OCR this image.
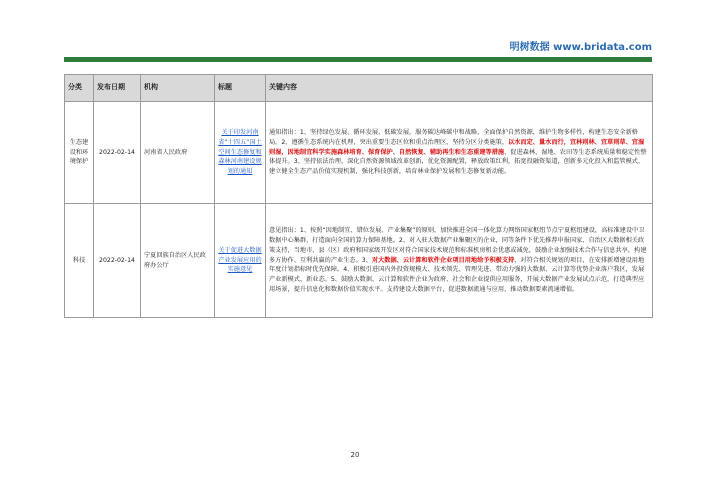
明树数据 www.bridata.com
分类	发布日期	机构	标题	关键内容
生态建设和环境保护	2022-02-14	河南省人民政府	关于印发河南省“十四五”国土空间生态修复和森林河南建设规划的通知	通知指出：1、坚持绿色发展、循环发展、低碳发展，服务碳达峰碳中和战略，全面保护自然资源，维护生物多样性，构建生态安全新格局。2、遵循生态系统内在机理，突出重要生态区位和重点治理区，坚持分区分类施策，以水而定、量水而行，宜林则林、宜草则草、宜湿则湿，因地制宜科学实施森林培育、保育保护、自然恢复、辅助再生和生态重建等措施，促进森林、湿地、农田等生态系统质量和稳定性整体提升。3、坚持依法治理，深化自然资源领域改革创新，优化资源配置，释放政策红利，拓宽投融资渠道，创新多元化投入和监管模式，建立健全生态产品价值实现机制，强化科技创新，培育林业保护发展和生态修复新动能。
科技	2022-02-14	宁夏回族自治区人民政府办公厅	关于促进大数据产业发展应用的实施意见	意见指出：1、按照“因地制宜、错位发展、产业集聚”的原则，加快推进全国一体化算力网络国家枢纽节点宁夏枢纽建设，高标准建设中卫数据中心集群，打造面向全国的算力保障基地。2、对入驻大数据产业集聚区的企业，同等条件下优先推荐申报国家、自治区大数据相关政策支持，当地市、县（区）政府和国家级开发区对符合国家技术规范和标准机房租金优惠或减免，鼓励企业加强技术合作与信息共享，构建多方协作、互利共赢的产业生态。3、对大数据、云计算和软件企业项目用地给予积极支持，对符合相关规划的项目，在安排新增建设用地年度计划指标时优先保障。4、积极引进国内外投资规模大、技术领先、管理先进、带动力强的大数据、云计算等优势企业落户我区，发展产业新模式、新业态。5、鼓励大数据、云计算和软件企业为政府、社会和企业提供应用服务，开展大数据产业发展试点示范，打造典型应用场景，提升信息化和数据价值实现水平。支持建设大数据平台，促进数据流通与应用，推动数据要素流通增值。
20
